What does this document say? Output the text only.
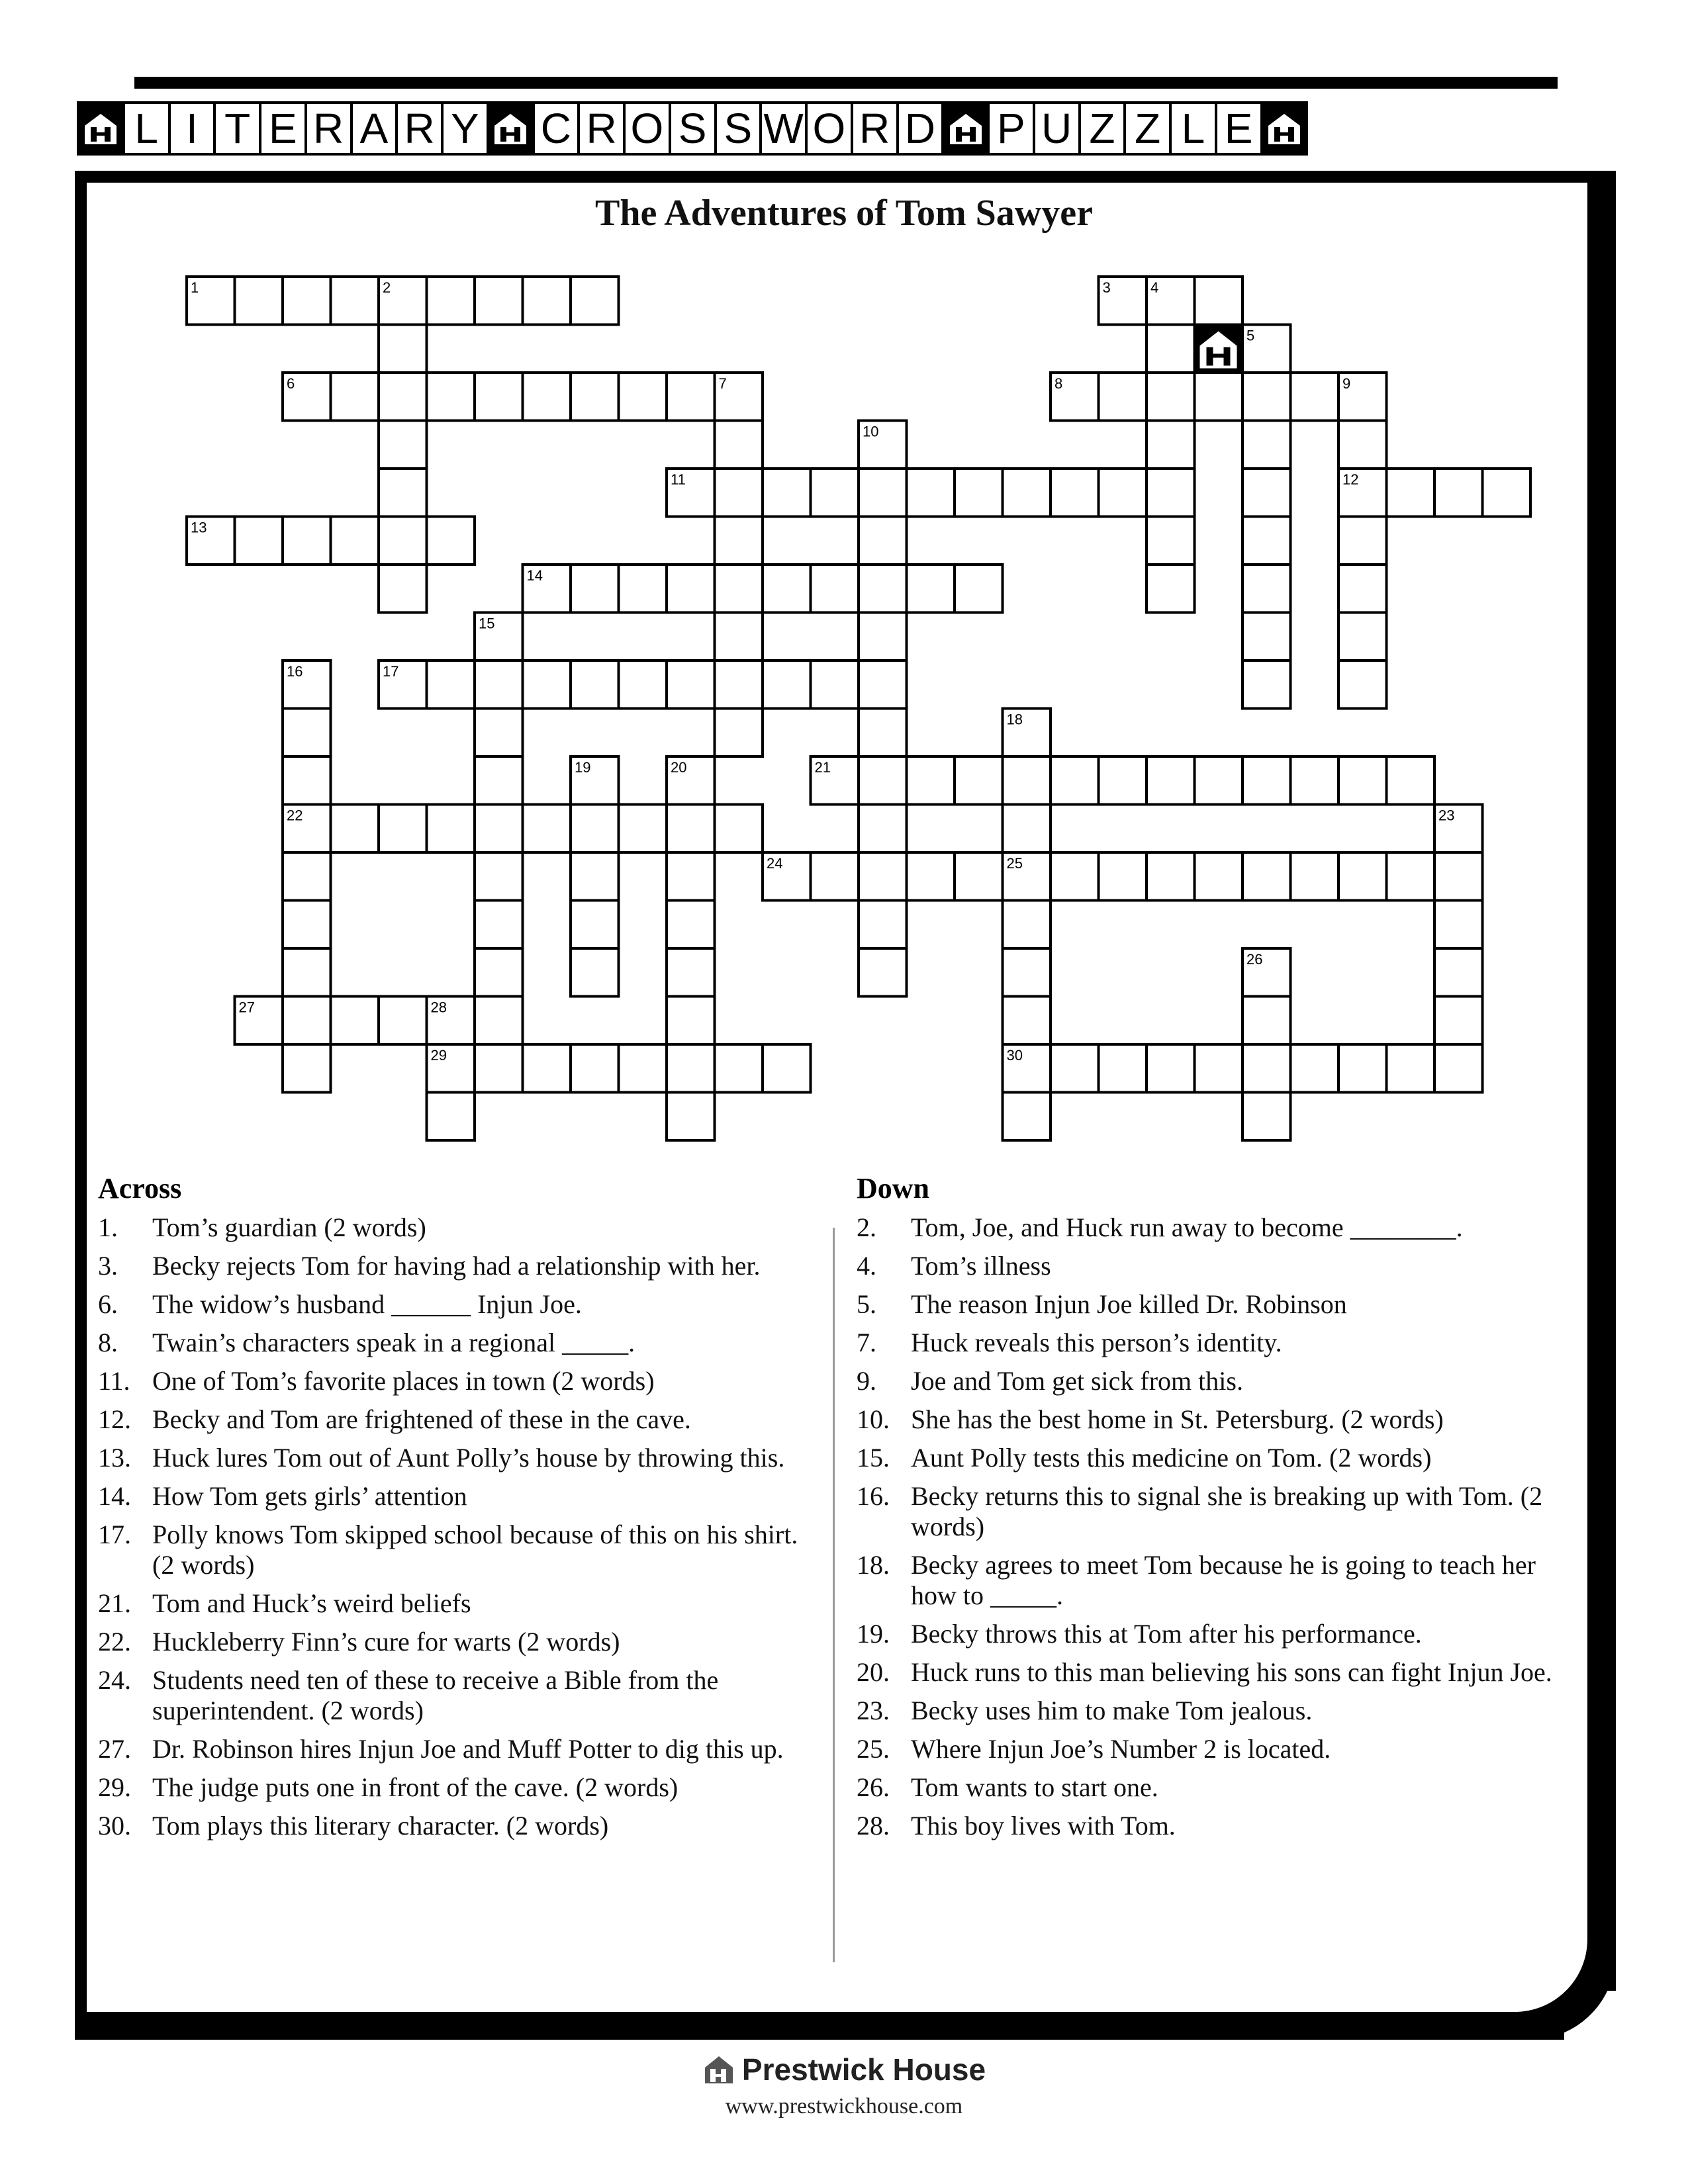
L I T E R A R Y C R O S S W O R D P U Z Z L E
The Adventures of Tom Sawyer
1	2	3	4
5
6	7	8	9
10
11	12
13
14
15
16	17
18
19	20	21
22	23
24	25
26
27	28
29	30
Across
1.	Tom’s guardian (2 words)
3.	Becky rejects Tom for having had a relationship with her.
6.	The widow’s husband ______ Injun Joe.
8.	Twain’s characters speak in a regional _____.
11. One of Tom’s favorite places in town (2 words)
12. Becky and Tom are frightened of these in the cave.
13. Huck lures Tom out of Aunt Polly’s house by throwing this.
14. How Tom gets girls’ attention
17. Polly knows Tom skipped school because of this on his shirt. (2 words)
21. Tom and Huck’s weird beliefs
22. Huckleberry Finn’s cure for warts (2 words)
24. Students need ten of these to receive a Bible from the superintendent. (2 words)
27. Dr. Robinson hires Injun Joe and Muff Potter to dig this up.
29. The judge puts one in front of the cave. (2 words)
30. Tom plays this literary character. (2 words)
Down
2.	Tom, Joe, and Huck run away to become ________.
4.	Tom’s illness
5.	The reason Injun Joe killed Dr. Robinson
7.	Huck reveals this person’s identity.
9.	Joe and Tom get sick from this.
10. She has the best home in St. Petersburg. (2 words)
15. Aunt Polly tests this medicine on Tom. (2 words)
16. Becky returns this to signal she is breaking up with Tom. (2 words)
18. Becky agrees to meet Tom because he is going to teach her how to _____.
19. Becky throws this at Tom after his performance.
20. Huck runs to this man believing his sons can fight Injun Joe.
23. Becky uses him to make Tom jealous.
25. Where Injun Joe’s Number 2 is located.
26. Tom wants to start one.
28. This boy lives with Tom.
Prestwick House
www.prestwickhouse.com
